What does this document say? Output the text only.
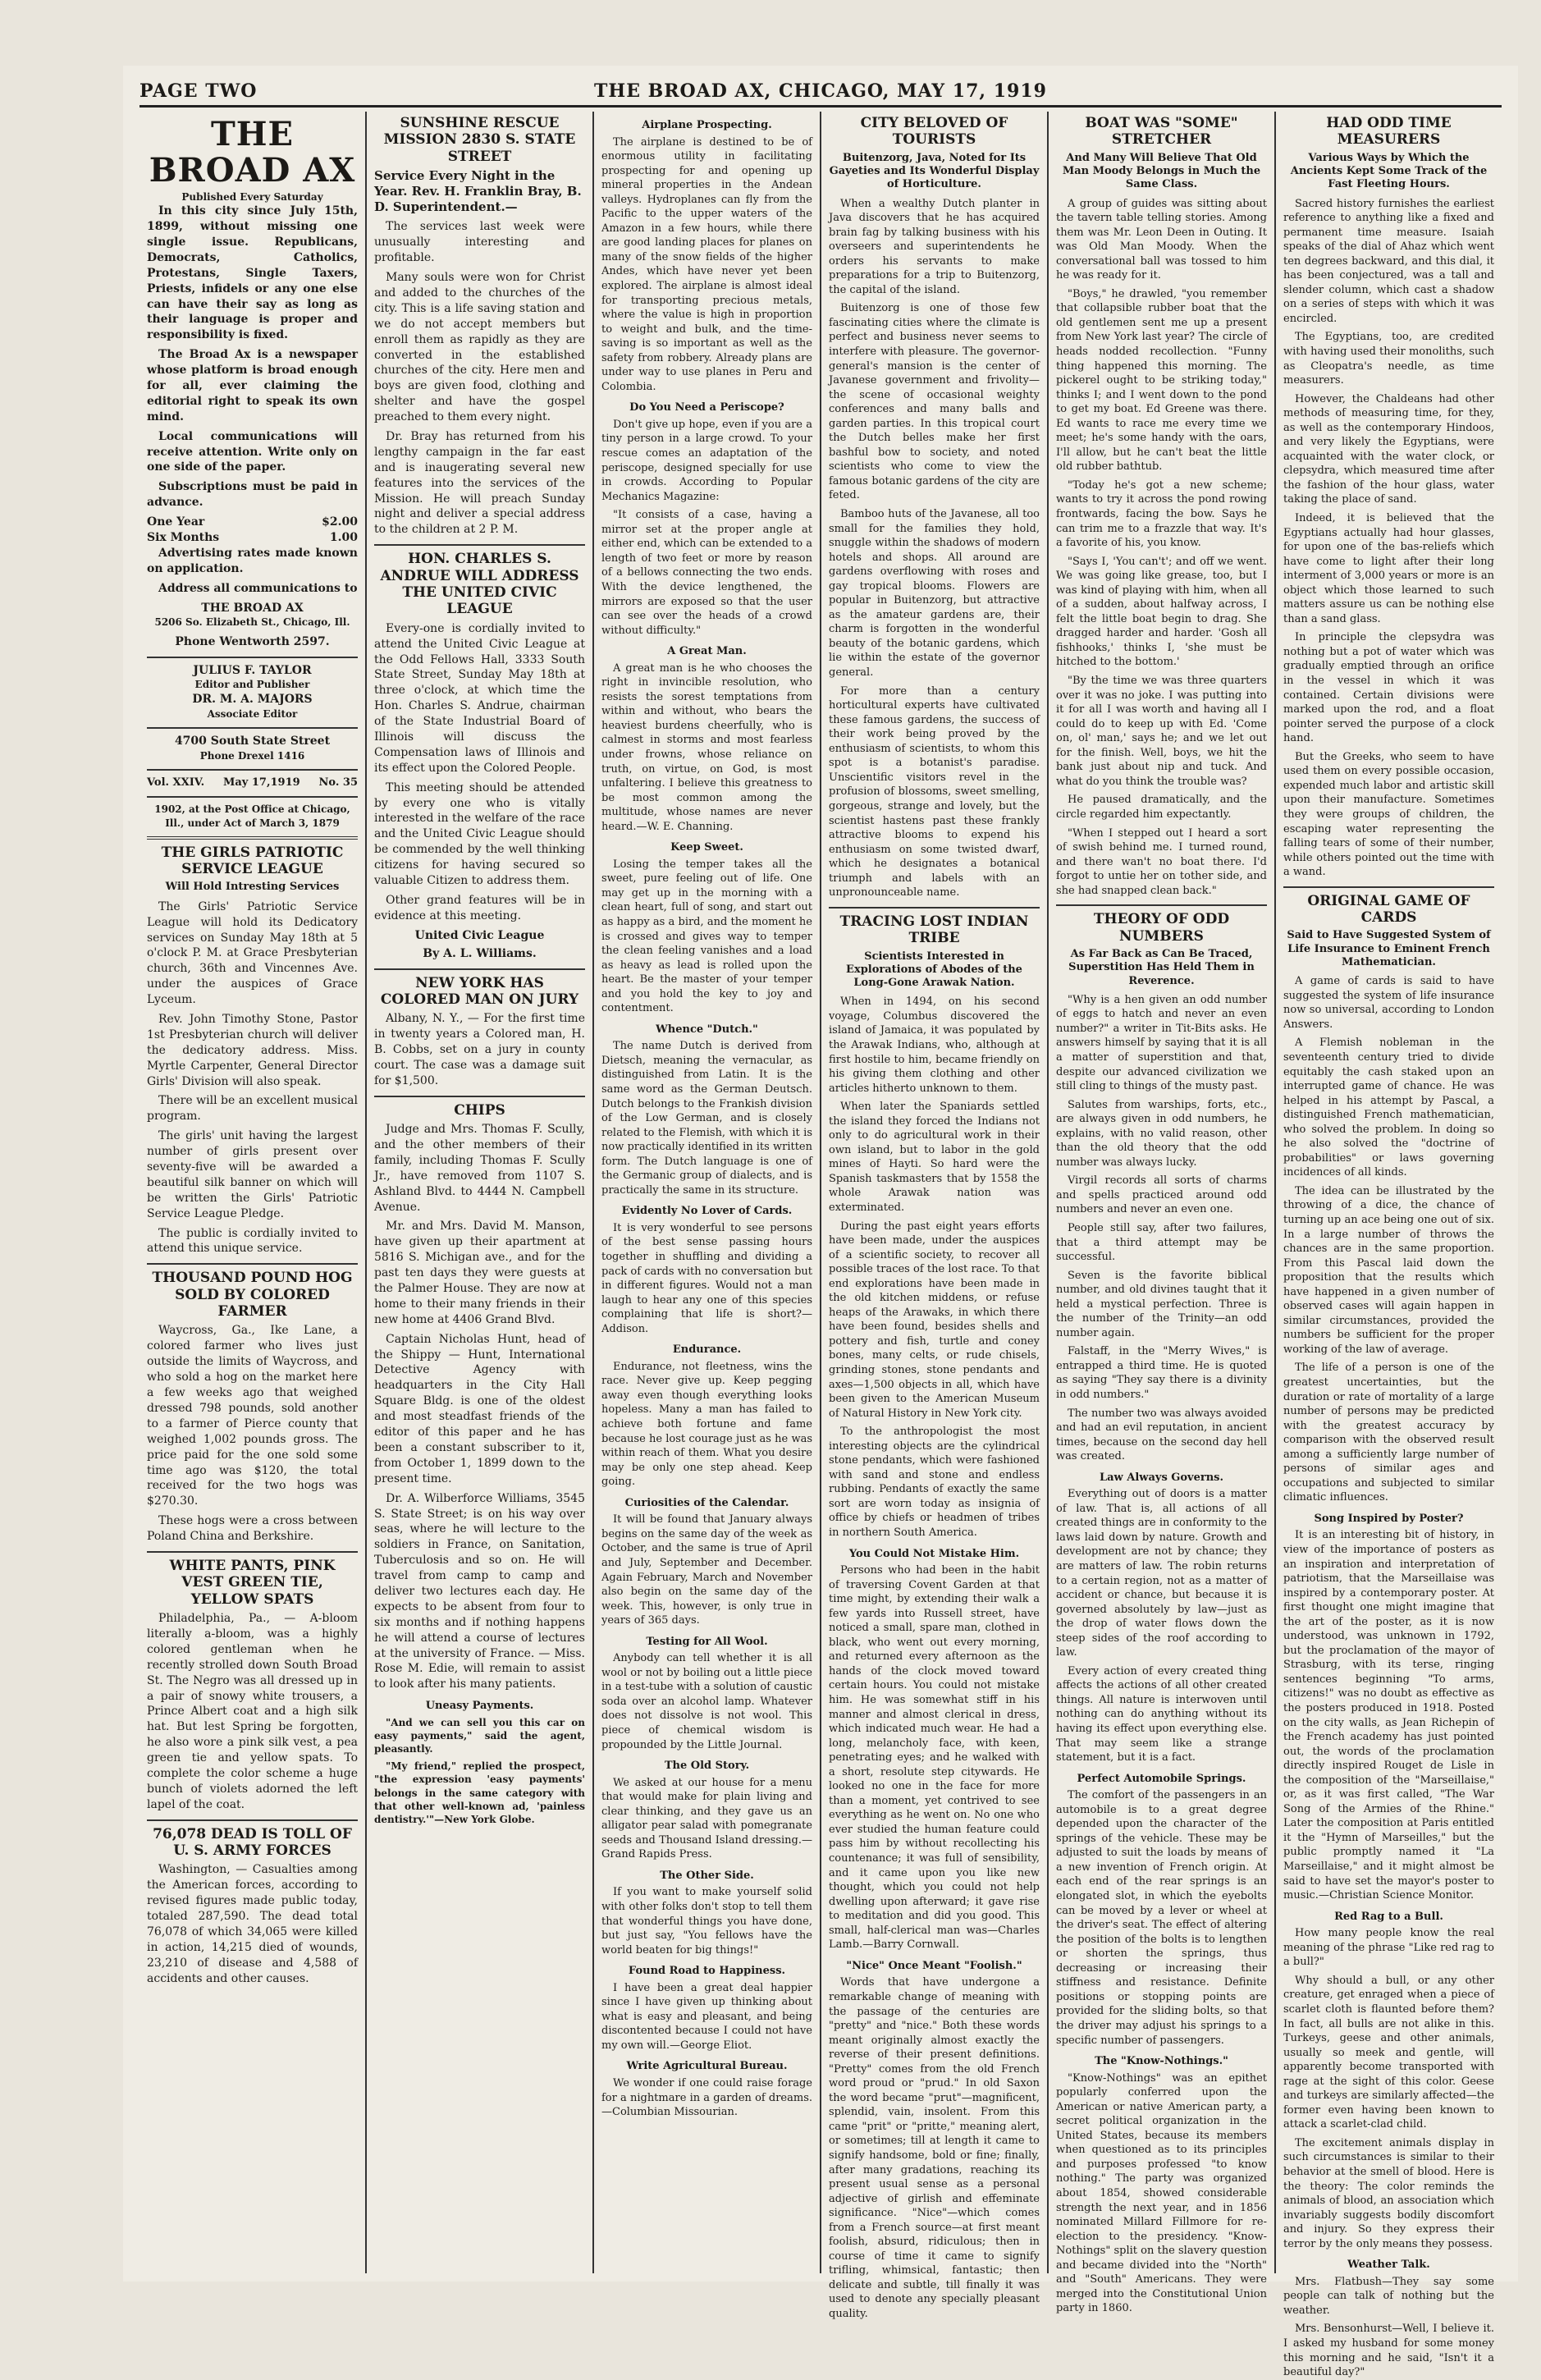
PAGE TWO	THE BROAD AX, CHICAGO, MAY 17, 1919
THE BROAD AX
Published Every Saturday

In this city since July 15th, 1899, without missing one single issue. Republicans, Democrats, Catholics, Protestans, Single Taxers, Priests, infidels or any one else can have their say as long as their language is proper and responsibility is fixed.

The Broad Ax is a newspaper whose platform is broad enough for all, ever claiming the editorial right to speak its own mind.

Local communications will receive attention. Write only on one side of the paper.

Subscriptions must be paid in advance.

One Year	$2.00
Six Months	1.00

Advertising rates made known on application.

Address all communications to

THE BROAD AX
5206 So. Elizabeth St., Chicago, Ill.
Phone Wentworth 2597.
JULIUS F. TAYLOR
Editor and Publisher
DR. M. A. MAJORS
Associate Editor
4700 South State Street
Phone Drexel 1416
Vol. XXIV. May 17,1919 No. 35
1902, at the Post Office at Chicago, Ill., under Act of March 3, 1879
THE GIRLS PATRIOTIC SERVICE LEAGUE
Will Hold Intresting Services

The Girls' Patriotic Service League will hold its Dedicatory services on Sunday May 18th at 5 o'clock P. M. at Grace Presbyterian church, 36th and Vincennes Ave. under the auspices of Grace Lyceum.

Rev. John Timothy Stone, Pastor 1st Presbyterian church will deliver the dedicatory address. Miss. Myrtle Carpenter, General Director Girls' Division will also speak.

There will be an excellent musical program.

The girls' unit having the largest number of girls present over seventy-five will be awarded a beautiful silk banner on which will be written the Girls' Patriotic Service League Pledge.

The public is cordially invited to attend this unique service.

THOUSAND POUND HOG SOLD BY COLORED FARMER

Waycross, Ga., Ike Lane, a colored farmer who lives just outside the limits of Waycross, and who sold a hog on the market here a few weeks ago that weighed dressed 798 pounds, sold another to a farmer of Pierce county that weighed 1,002 pounds gross. The price paid for the one sold some time ago was $120, the total received for the two hogs was $270.30.

These hogs were a cross between Poland China and Berkshire.

WHITE PANTS, PINK VEST GREEN TIE, YELLOW SPATS

Philadelphia, Pa., — A-bloom literally a-bloom, was a highly colored gentleman when he recently strolled down South Broad St. The Negro was all dressed up in a pair of snowy white trousers, a Prince Albert coat and a high silk hat. But lest Spring be forgotten, he also wore a pink silk vest, a pea green tie and yellow spats. To complete the color scheme a huge bunch of violets adorned the left lapel of the coat.

76,078 DEAD IS TOLL OF U. S. ARMY FORCES

Washington, — Casualties among the American forces, according to revised figures made public today, totaled 287,590. The dead total 76,078 of which 34,065 were killed in action, 14,215 died of wounds, 23,210 of disease and 4,588 of accidents and other causes.

SUNSHINE RESCUE MISSION 2830 S. STATE STREET
Service Every Night in the Year. Rev. H. Franklin Bray, B. D. Superintendent.—

The services last week were unusually interesting and profitable.

Many souls were won for Christ and added to the churches of the city. This is a life saving station and we do not accept members but enroll them as rapidly as they are converted in the established churches of the city. Here men and boys are given food, clothing and shelter and have the gospel preached to them every night.

Dr. Bray has returned from his lengthy campaign in the far east and is inaugerating several new features into the services of the Mission. He will preach Sunday night and deliver a special address to the children at 2 P. M.

HON. CHARLES S. ANDRUE WILL ADDRESS THE UNITED CIVIC LEAGUE

Every-one is cordially invited to attend the United Civic League at the Odd Fellows Hall, 3333 South State Street, Sunday May 18th at three o'clock, at which time the Hon. Charles S. Andrue, chairman of the State Industrial Board of Illinois will discuss the Compensation laws of Illinois and its effect upon the Colored People.

This meeting should be attended by every one who is vitally interested in the welfare of the race and the United Civic League should be commended by the well thinking citizens for having secured so valuable Citizen to address them.

Other grand features will be in evidence at this meeting.

United Civic League
By A. L. Williams.
NEW YORK HAS COLORED MAN ON JURY

Albany, N. Y., — For the first time in twenty years a Colored man, H. B. Cobbs, set on a jury in county court. The case was a damage suit for $1,500.

CHIPS

Judge and Mrs. Thomas F. Scully, and the other members of their family, including Thomas F. Scully Jr., have removed from 1107 S. Ashland Blvd. to 4444 N. Campbell Avenue.

Mr. and Mrs. David M. Manson, have given up their apartment at 5816 S. Michigan ave., and for the past ten days they were guests at the Palmer House. They are now at home to their many friends in their new home at 4406 Grand Blvd.

Captain Nicholas Hunt, head of the Shippy — Hunt, International Detective Agency with headquarters in the City Hall Square Bldg. is one of the oldest and most steadfast friends of the editor of this paper and he has been a constant subscriber to it, from October 1, 1899 down to the present time.

Dr. A. Wilberforce Williams, 3545 S. State Street; is on his way over seas, where he will lecture to the soldiers in France, on Sanitation, Tuberculosis and so on. He will travel from camp to camp and deliver two lectures each day. He expects to be absent from four to six months and if nothing happens he will attend a course of lectures at the university of France. — Miss. Rose M. Edie, will remain to assist to look after his many patients.

Uneasy Payments.

"And we can sell you this car on easy payments," said the agent, pleasantly.

"My friend," replied the prospect, "the expression 'easy payments' belongs in the same category with that other well-known ad, 'painless dentistry.'"—New York Globe.

Airplane Prospecting.

The airplane is destined to be of enormous utility in facilitating prospecting for and opening up mineral properties in the Andean valleys. Hydroplanes can fly from the Pacific to the upper waters of the Amazon in a few hours, while there are good landing places for planes on many of the snow fields of the higher Andes, which have never yet been explored. The airplane is almost ideal for transporting precious metals, where the value is high in proportion to weight and bulk, and the time-saving is so important as well as the safety from robbery. Already plans are under way to use planes in Peru and Colombia.

Do You Need a Periscope?

Don't give up hope, even if you are a tiny person in a large crowd. To your rescue comes an adaptation of the periscope, designed specially for use in crowds. According to Popular Mechanics Magazine:

"It consists of a case, having a mirror set at the proper angle at either end, which can be extended to a length of two feet or more by reason of a bellows connecting the two ends. With the device lengthened, the mirrors are exposed so that the user can see over the heads of a crowd without difficulty."

A Great Man.

A great man is he who chooses the right in invincible resolution, who resists the sorest temptations from within and without, who bears the heaviest burdens cheerfully, who is calmest in storms and most fearless under frowns, whose reliance on truth, on virtue, on God, is most unfaltering. I believe this greatness to be most common among the multitude, whose names are never heard.—W. E. Channing.

Keep Sweet.

Losing the temper takes all the sweet, pure feeling out of life. One may get up in the morning with a clean heart, full of song, and start out as happy as a bird, and the moment he is crossed and gives way to temper the clean feeling vanishes and a load as heavy as lead is rolled upon the heart. Be the master of your temper and you hold the key to joy and contentment.

Whence "Dutch."

The name Dutch is derived from Dietsch, meaning the vernacular, as distinguished from Latin. It is the same word as the German Deutsch. Dutch belongs to the Frankish division of the Low German, and is closely related to the Flemish, with which it is now practically identified in its written form. The Dutch language is one of the Germanic group of dialects, and is practically the same in its structure.

Evidently No Lover of Cards.

It is very wonderful to see persons of the best sense passing hours together in shuffling and dividing a pack of cards with no conversation but in different figures. Would not a man laugh to hear any one of this species complaining that life is short?—Addison.

Endurance.

Endurance, not fleetness, wins the race. Never give up. Keep pegging away even though everything looks hopeless. Many a man has failed to achieve both fortune and fame because he lost courage just as he was within reach of them. What you desire may be only one step ahead. Keep going.

Curiosities of the Calendar.

It will be found that January always begins on the same day of the week as October, and the same is true of April and July, September and December. Again February, March and November also begin on the same day of the week. This, however, is only true in years of 365 days.

Testing for All Wool.

Anybody can tell whether it is all wool or not by boiling out a little piece in a test-tube with a solution of caustic soda over an alcohol lamp. Whatever does not dissolve is not wool. This piece of chemical wisdom is propounded by the Little Journal.

The Old Story.

We asked at our house for a menu that would make for plain living and clear thinking, and they gave us an alligator pear salad with pomegranate seeds and Thousand Island dressing.—Grand Rapids Press.

The Other Side.

If you want to make yourself solid with other folks don't stop to tell them that wonderful things you have done, but just say, "You fellows have the world beaten for big things!"

Found Road to Happiness.

I have been a great deal happier since I have given up thinking about what is easy and pleasant, and being discontented because I could not have my own will.—George Eliot.

Write Agricultural Bureau.

We wonder if one could raise forage for a nightmare in a garden of dreams.—Columbian Missourian.

CITY BELOVED OF TOURISTS
Buitenzorg, Java, Noted for Its Gayeties and Its Wonderful Display of Horticulture.

When a wealthy Dutch planter in Java discovers that he has acquired brain fag by talking business with his overseers and superintendents he orders his servants to make preparations for a trip to Buitenzorg, the capital of the island.

Buitenzorg is one of those few fascinating cities where the climate is perfect and business never seems to interfere with pleasure. The governor-general's mansion is the center of Javanese government and frivolity—the scene of occasional weighty conferences and many balls and garden parties. In this tropical court the Dutch belles make her first bashful bow to society, and noted scientists who come to view the famous botanic gardens of the city are feted.

Bamboo huts of the Javanese, all too small for the families they hold, snuggle within the shadows of modern hotels and shops. All around are gardens overflowing with roses and gay tropical blooms. Flowers are popular in Buitenzorg, but attractive as the amateur gardens are, their charm is forgotten in the wonderful beauty of the botanic gardens, which lie within the estate of the governor general.

For more than a century horticultural experts have cultivated these famous gardens, the success of their work being proved by the enthusiasm of scientists, to whom this spot is a botanist's paradise. Unscientific visitors revel in the profusion of blossoms, sweet smelling, gorgeous, strange and lovely, but the scientist hastens past these frankly attractive blooms to expend his enthusiasm on some twisted dwarf, which he designates a botanical triumph and labels with an unpronounceable name.

TRACING LOST INDIAN TRIBE
Scientists Interested in Explorations of Abodes of the Long-Gone Arawak Nation.

When in 1494, on his second voyage, Columbus discovered the island of Jamaica, it was populated by the Arawak Indians, who, although at first hostile to him, became friendly on his giving them clothing and other articles hitherto unknown to them.

When later the Spaniards settled the island they forced the Indians not only to do agricultural work in their own island, but to labor in the gold mines of Hayti. So hard were the Spanish taskmasters that by 1558 the whole Arawak nation was exterminated.

During the past eight years efforts have been made, under the auspices of a scientific society, to recover all possible traces of the lost race. To that end explorations have been made in the old kitchen middens, or refuse heaps of the Arawaks, in which there have been found, besides shells and pottery and fish, turtle and coney bones, many celts, or rude chisels, grinding stones, stone pendants and axes—1,500 objects in all, which have been given to the American Museum of Natural History in New York city.

To the anthropologist the most interesting objects are the cylindrical stone pendants, which were fashioned with sand and stone and endless rubbing. Pendants of exactly the same sort are worn today as insignia of office by chiefs or headmen of tribes in northern South America.

You Could Not Mistake Him.

Persons who had been in the habit of traversing Covent Garden at that time might, by extending their walk a few yards into Russell street, have noticed a small, spare man, clothed in black, who went out every morning, and returned every afternoon as the hands of the clock moved toward certain hours. You could not mistake him. He was somewhat stiff in his manner and almost clerical in dress, which indicated much wear. He had a long, melancholy face, with keen, penetrating eyes; and he walked with a short, resolute step citywards. He looked no one in the face for more than a moment, yet contrived to see everything as he went on. No one who ever studied the human feature could pass him by without recollecting his countenance; it was full of sensibility, and it came upon you like new thought, which you could not help dwelling upon afterward; it gave rise to meditation and did you good. This small, half-clerical man was—Charles Lamb.—Barry Cornwall.

"Nice" Once Meant "Foolish."

Words that have undergone a remarkable change of meaning with the passage of the centuries are "pretty" and "nice." Both these words meant originally almost exactly the reverse of their present definitions. "Pretty" comes from the old French word proud or "prud." In old Saxon the word became "prut"—magnificent, splendid, vain, insolent. From this came "prit" or "pritte," meaning alert, or sometimes; till at length it came to signify handsome, bold or fine; finally, after many gradations, reaching its present usual sense as a personal adjective of girlish and effeminate significance. "Nice"—which comes from a French source—at first meant foolish, absurd, ridiculous; then in course of time it came to signify trifling, whimsical, fantastic; then delicate and subtle, till finally it was used to denote any specially pleasant quality.

BOAT WAS "SOME" STRETCHER
And Many Will Believe That Old Man Moody Belongs in Much the Same Class.

A group of guides was sitting about the tavern table telling stories. Among them was Mr. Leon Deen in Outing. It was Old Man Moody. When the conversational ball was tossed to him he was ready for it.

"Boys," he drawled, "you remember that collapsible rubber boat that the old gentlemen sent me up a present from New York last year? The circle of heads nodded recollection. "Funny thing happened this morning. The pickerel ought to be striking today," thinks I; and I went down to the pond to get my boat. Ed Greene was there. Ed wants to race me every time we meet; he's some handy with the oars, I'll allow, but he can't beat the little old rubber bathtub.

"Today he's got a new scheme; wants to try it across the pond rowing frontwards, facing the bow. Says he can trim me to a frazzle that way. It's a favorite of his, you know.

"Says I, 'You can't'; and off we went. We was going like grease, too, but I was kind of playing with him, when all of a sudden, about halfway across, I felt the little boat begin to drag. She dragged harder and harder. 'Gosh all fishhooks,' thinks I, 'she must be hitched to the bottom.'

"By the time we was three quarters over it was no joke. I was putting into it for all I was worth and having all I could do to keep up with Ed. 'Come on, ol' man,' says he; and we let out for the finish. Well, boys, we hit the bank just about nip and tuck. And what do you think the trouble was?

He paused dramatically, and the circle regarded him expectantly.

"When I stepped out I heard a sort of swish behind me. I turned round, and there wan't no boat there. I'd forgot to untie her on tother side, and she had snapped clean back."

THEORY OF ODD NUMBERS
As Far Back as Can Be Traced, Superstition Has Held Them in Reverence.

"Why is a hen given an odd number of eggs to hatch and never an even number?" a writer in Tit-Bits asks. He answers himself by saying that it is all a matter of superstition and that, despite our advanced civilization we still cling to things of the musty past.

Salutes from warships, forts, etc., are always given in odd numbers, he explains, with no valid reason, other than the old theory that the odd number was always lucky.

Virgil records all sorts of charms and spells practiced around odd numbers and never an even one.

People still say, after two failures, that a third attempt may be successful.

Seven is the favorite biblical number, and old divines taught that it held a mystical perfection. Three is the number of the Trinity—an odd number again.

Falstaff, in the "Merry Wives," is entrapped a third time. He is quoted as saying "They say there is a divinity in odd numbers."

The number two was always avoided and had an evil reputation, in ancient times, because on the second day hell was created.

Law Always Governs.

Everything out of doors is a matter of law. That is, all actions of all created things are in conformity to the laws laid down by nature. Growth and development are not by chance; they are matters of law. The robin returns to a certain region, not as a matter of accident or chance, but because it is governed absolutely by law—just as the drop of water flows down the steep sides of the roof according to law.

Every action of every created thing affects the actions of all other created things. All nature is interwoven until nothing can do anything without its having its effect upon everything else. That may seem like a strange statement, but it is a fact.

Perfect Automobile Springs.

The comfort of the passengers in an automobile is to a great degree depended upon the character of the springs of the vehicle. These may be adjusted to suit the loads by means of a new invention of French origin. At each end of the rear springs is an elongated slot, in which the eyebolts can be moved by a lever or wheel at the driver's seat. The effect of altering the position of the bolts is to lengthen or shorten the springs, thus decreasing or increasing their stiffness and resistance. Definite positions or stopping points are provided for the sliding bolts, so that the driver may adjust his springs to a specific number of passengers.

The "Know-Nothings."

"Know-Nothings" was an epithet popularly conferred upon the American or native American party, a secret political organization in the United States, because its members when questioned as to its principles and purposes professed "to know nothing." The party was organized about 1854, showed considerable strength the next year, and in 1856 nominated Millard Fillmore for re-election to the presidency. "Know-Nothings" split on the slavery question and became divided into the "North" and "South" Americans. They were merged into the Constitutional Union party in 1860.

HAD ODD TIME MEASURERS
Various Ways by Which the Ancients Kept Some Track of the Fast Fleeting Hours.

Sacred history furnishes the earliest reference to anything like a fixed and permanent time measure. Isaiah speaks of the dial of Ahaz which went ten degrees backward, and this dial, it has been conjectured, was a tall and slender column, which cast a shadow on a series of steps with which it was encircled.

The Egyptians, too, are credited with having used their monoliths, such as Cleopatra's needle, as time measurers.

However, the Chaldeans had other methods of measuring time, for they, as well as the contemporary Hindoos, and very likely the Egyptians, were acquainted with the water clock, or clepsydra, which measured time after the fashion of the hour glass, water taking the place of sand.

Indeed, it is believed that the Egyptians actually had hour glasses, for upon one of the bas-reliefs which have come to light after their long interment of 3,000 years or more is an object which those learned to such matters assure us can be nothing else than a sand glass.

In principle the clepsydra was nothing but a pot of water which was gradually emptied through an orifice in the vessel in which it was contained. Certain divisions were marked upon the rod, and a float pointer served the purpose of a clock hand.

But the Greeks, who seem to have used them on every possible occasion, expended much labor and artistic skill upon their manufacture. Sometimes they were groups of children, the escaping water representing the falling tears of some of their number, while others pointed out the time with a wand.

ORIGINAL GAME OF CARDS
Said to Have Suggested System of Life Insurance to Eminent French Mathematician.

A game of cards is said to have suggested the system of life insurance now so universal, according to London Answers.

A Flemish nobleman in the seventeenth century tried to divide equitably the cash staked upon an interrupted game of chance. He was helped in his attempt by Pascal, a distinguished French mathematician, who solved the problem. In doing so he also solved the "doctrine of probabilities" or laws governing incidences of all kinds.

The idea can be illustrated by the throwing of a dice, the chance of turning up an ace being one out of six. In a large number of throws the chances are in the same proportion. From this Pascal laid down the proposition that the results which have happened in a given number of observed cases will again happen in similar circumstances, provided the numbers be sufficient for the proper working of the law of average.

The life of a person is one of the greatest uncertainties, but the duration or rate of mortality of a large number of persons may be predicted with the greatest accuracy by comparison with the observed result among a sufficiently large number of persons of similar ages and occupations and subjected to similar climatic influences.

Song Inspired by Poster?

It is an interesting bit of history, in view of the importance of posters as an inspiration and interpretation of patriotism, that the Marseillaise was inspired by a contemporary poster. At first thought one might imagine that the art of the poster, as it is now understood, was unknown in 1792, but the proclamation of the mayor of Strasburg, with its terse, ringing sentences beginning "To arms, citizens!" was no doubt as effective as the posters produced in 1918. Posted on the city walls, as Jean Richepin of the French academy has just pointed out, the words of the proclamation directly inspired Rouget de Lisle in the composition of the "Marseillaise," or, as it was first called, "The War Song of the Armies of the Rhine." Later the composition at Paris entitled it the "Hymn of Marseilles," but the public promptly named it "La Marseillaise," and it might almost be said to have set the mayor's poster to music.—Christian Science Monitor.

Red Rag to a Bull.

How many people know the real meaning of the phrase "Like red rag to a bull?"

Why should a bull, or any other creature, get enraged when a piece of scarlet cloth is flaunted before them? In fact, all bulls are not alike in this. Turkeys, geese and other animals, usually so meek and gentle, will apparently become transported with rage at the sight of this color. Geese and turkeys are similarly affected—the former even having been known to attack a scarlet-clad child.

The excitement animals display in such circumstances is similar to their behavior at the smell of blood. Here is the theory: The color reminds the animals of blood, an association which invariably suggests bodily discomfort and injury. So they express their terror by the only means they possess.

Weather Talk.

Mrs. Flatbush—They say some people can talk of nothing but the weather.

Mrs. Bensonhurst—Well, I believe it. I asked my husband for some money this morning and he said, "Isn't it a beautiful day?"
